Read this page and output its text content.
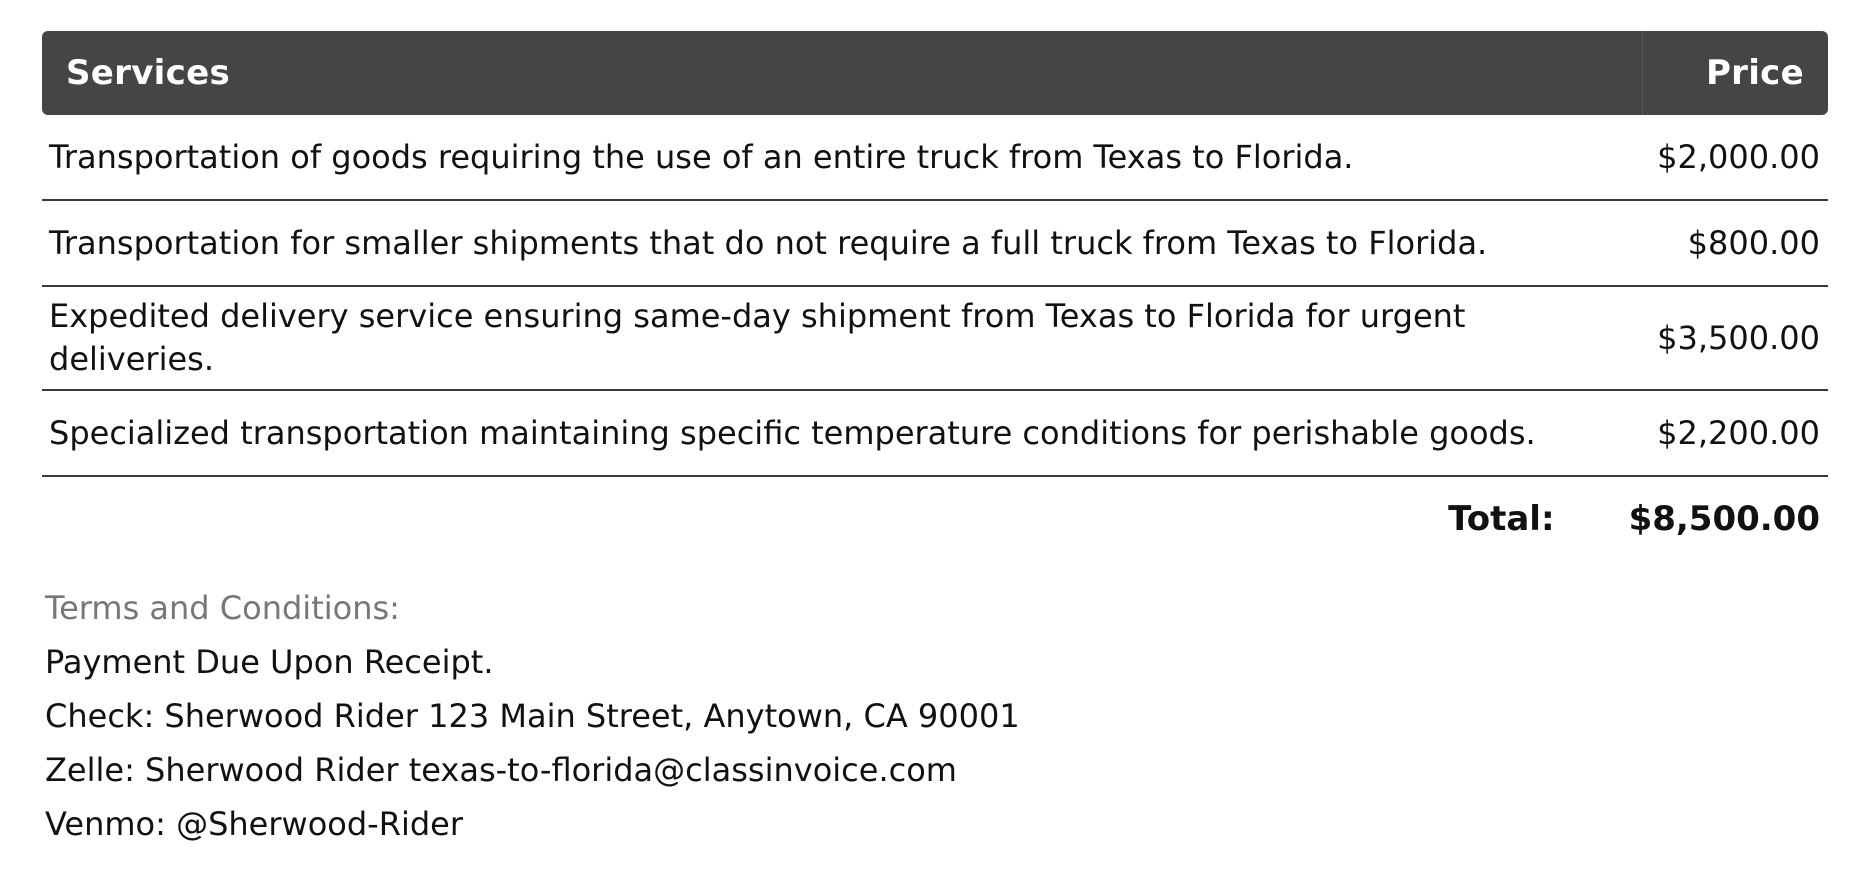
Services	Price
Transportation of goods requiring the use of an entire truck from Texas to Florida.	$2,000.00
Transportation for smaller shipments that do not require a full truck from Texas to Florida.	$800.00
Expedited delivery service ensuring same-day shipment from Texas to Florida for urgent deliveries.	$3,500.00
Specialized transportation maintaining specific temperature conditions for perishable goods.	$2,200.00
Total: $8,500.00
Terms and Conditions:
Payment Due Upon Receipt.
Check: Sherwood Rider 123 Main Street, Anytown, CA 90001
Zelle: Sherwood Rider texas-to-florida@classinvoice.com
Venmo: @Sherwood-Rider
